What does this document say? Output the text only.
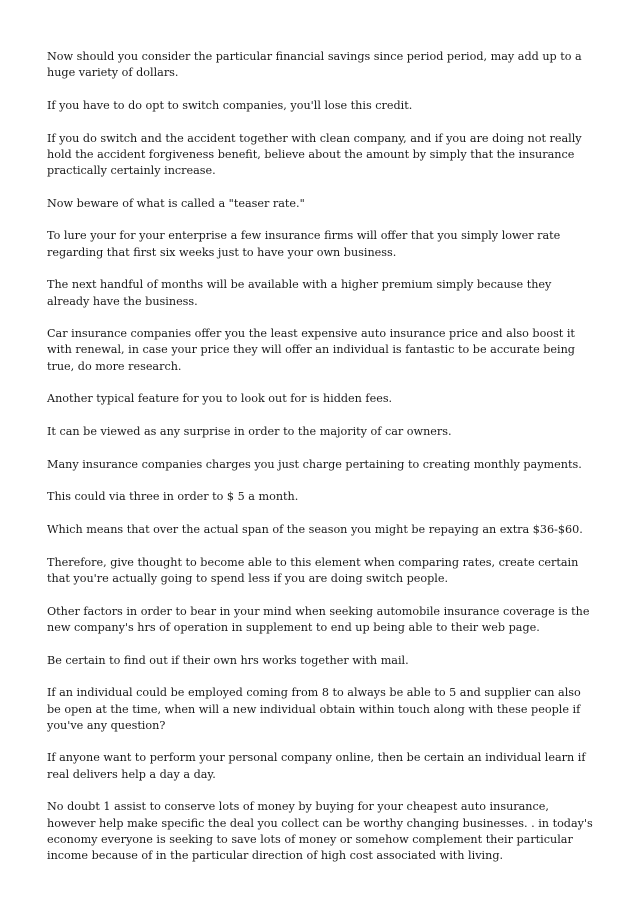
Now should you consider the particular financial savings since period period, may add up to a huge variety of dollars.

If you have to do opt to switch companies, you'll lose this credit.

If you do switch and the accident together with clean company, and if you are doing not really hold the accident forgiveness benefit, believe about the amount by simply that the insurance practically certainly increase.

Now beware of what is called a "teaser rate."

To lure your for your enterprise a few insurance firms will offer that you simply lower rate regarding that first six weeks just to have your own business.

The next handful of months will be available with a higher premium simply because they already have the business.

Car insurance companies offer you the least expensive auto insurance price and also boost it with renewal, in case your price they will offer an individual is fantastic to be accurate being true, do more research.

Another typical feature for you to look out for is hidden fees.

It can be viewed as any surprise in order to the majority of car owners.

Many insurance companies charges you just charge pertaining to creating monthly payments.

This could via three in order to $ 5 a month.

Which means that over the actual span of the season you might be repaying an extra $36-$60.

Therefore, give thought to become able to this element when comparing rates, create certain that you're actually going to spend less if you are doing switch people.

Other factors in order to bear in your mind when seeking automobile insurance coverage is the new company's hrs of operation in supplement to end up being able to their web page.

Be certain to find out if their own hrs works together with mail.

If an individual could be employed coming from 8 to always be able to 5 and supplier can also be open at the time, when will a new individual obtain within touch along with these people if you've any question?

If anyone want to perform your personal company online, then be certain an individual learn if real delivers help a day a day.

No doubt 1 assist to conserve lots of money by buying for your cheapest auto insurance, however help make specific the deal you collect can be worthy changing businesses. . in today's economy everyone is seeking to save lots of money or somehow complement their particular income because of in the particular direction of high cost associated with living.
